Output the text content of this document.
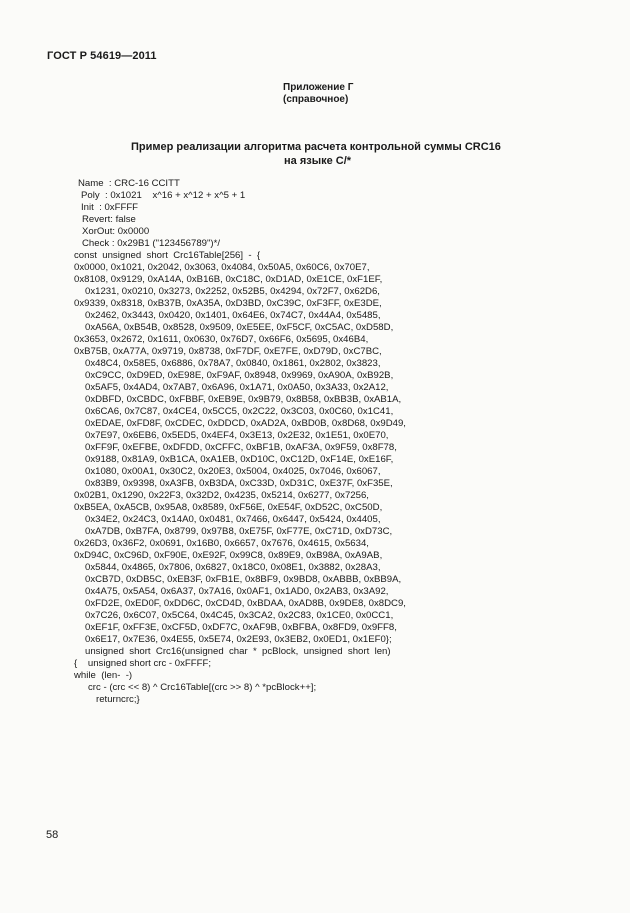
ГОСТ Р 54619—2011
Приложение Г
(справочное)
Пример реализации алгоритма расчета контрольной суммы CRC16
на языке С/*
Name  : CRC-16 CCITT
Poly  : 0x1021    x^16 + x^12 + x^5 + 1
Init  : 0xFFFF
Revert: false
XorOut: 0x0000
Check : 0x29B1 ("123456789")*/
const  unsigned  short  Crc16Table[256]  -  {
0x0000, 0x1021, 0x2042, 0x3063, 0x4084, 0x50A5, 0x60C6, 0x70E7,
0x8108, 0x9129, 0xA14A, 0xB16B, 0xC18C, 0xD1AD, 0xE1CE, 0xF1EF,
0x1231, 0x0210, 0x3273, 0x2252, 0x52B5, 0x4294, 0x72F7, 0x62D6,
0x9339, 0x8318, 0xB37B, 0xA35A, 0xD3BD, 0xC39C, 0xF3FF, 0xE3DE,
0x2462, 0x3443, 0x0420, 0x1401, 0x64E6, 0x74C7, 0x44A4, 0x5485,
0xA56A, 0xB54B, 0x8528, 0x9509, 0xE5EE, 0xF5CF, 0xC5AC, 0xD58D,
0x3653, 0x2672, 0x1611, 0x0630, 0x76D7, 0x66F6, 0x5695, 0x46B4,
0xB75B, 0xA77A, 0x9719, 0x8738, 0xF7DF, 0xE7FE, 0xD79D, 0xC7BC,
0x48C4, 0x58E5, 0x6886, 0x78A7, 0x0840, 0x1861, 0x2802, 0x3823,
0xC9CC, 0xD9ED, 0xE98E, 0xF9AF, 0x8948, 0x9969, 0xA90A, 0xB92B,
0x5AF5, 0x4AD4, 0x7AB7, 0x6A96, 0x1A71, 0x0A50, 0x3A33, 0x2A12,
0xDBFD, 0xCBDC, 0xFBBF, 0xEB9E, 0x9B79, 0x8B58, 0xBB3B, 0xAB1A,
0x6CA6, 0x7C87, 0x4CE4, 0x5CC5, 0x2C22, 0x3C03, 0x0C60, 0x1C41,
0xEDAE, 0xFD8F, 0xCDEC, 0xDDCD, 0xAD2A, 0xBD0B, 0x8D68, 0x9D49,
0x7E97, 0x6EB6, 0x5ED5, 0x4EF4, 0x3E13, 0x2E32, 0x1E51, 0x0E70,
0xFF9F, 0xEFBE, 0xDFDD, 0xCFFC, 0xBF1B, 0xAF3A, 0x9F59, 0x8F78,
0x9188, 0x81A9, 0xB1CA, 0xA1EB, 0xD10C, 0xC12D, 0xF14E, 0xE16F,
0x1080, 0x00A1, 0x30C2, 0x20E3, 0x5004, 0x4025, 0x7046, 0x6067,
0x83B9, 0x9398, 0xA3FB, 0xB3DA, 0xC33D, 0xD31C, 0xE37F, 0xF35E,
0x02B1, 0x1290, 0x22F3, 0x32D2, 0x4235, 0x5214, 0x6277, 0x7256,
0xB5EA, 0xA5CB, 0x95A8, 0x8589, 0xF56E, 0xE54F, 0xD52C, 0xC50D,
0x34E2, 0x24C3, 0x14A0, 0x0481, 0x7466, 0x6447, 0x5424, 0x4405,
0xA7DB, 0xB7FA, 0x8799, 0x97B8, 0xE75F, 0xF77E, 0xC71D, 0xD73C,
0x26D3, 0x36F2, 0x0691, 0x16B0, 0x6657, 0x7676, 0x4615, 0x5634,
0xD94C, 0xC96D, 0xF90E, 0xE92F, 0x99C8, 0x89E9, 0xB98A, 0xA9AB,
0x5844, 0x4865, 0x7806, 0x6827, 0x18C0, 0x08E1, 0x3882, 0x28A3,
0xCB7D, 0xDB5C, 0xEB3F, 0xFB1E, 0x8BF9, 0x9BD8, 0xABBB, 0xBB9A,
0x4A75, 0x5A54, 0x6A37, 0x7A16, 0x0AF1, 0x1AD0, 0x2AB3, 0x3A92,
0xFD2E, 0xED0F, 0xDD6C, 0xCD4D, 0xBDAA, 0xAD8B, 0x9DE8, 0x8DC9,
0x7C26, 0x6C07, 0x5C64, 0x4C45, 0x3CA2, 0x2C83, 0x1CE0, 0x0CC1,
0xEF1F, 0xFF3E, 0xCF5D, 0xDF7C, 0xAF9B, 0xBFBA, 0x8FD9, 0x9FF8,
0x6E17, 0x7E36, 0x4E55, 0x5E74, 0x2E93, 0x3EB2, 0x0ED1, 0x1EF0};
unsigned  short  Crc16(unsigned  char  *  pcBlock,  unsigned  short  len)
{    unsigned short crc - 0xFFFF;
while  (len-  -)
crc - (crc << 8) ^ Crc16Table[(crc >> 8) ^ *pcBlock++];
returncrc;}
58
